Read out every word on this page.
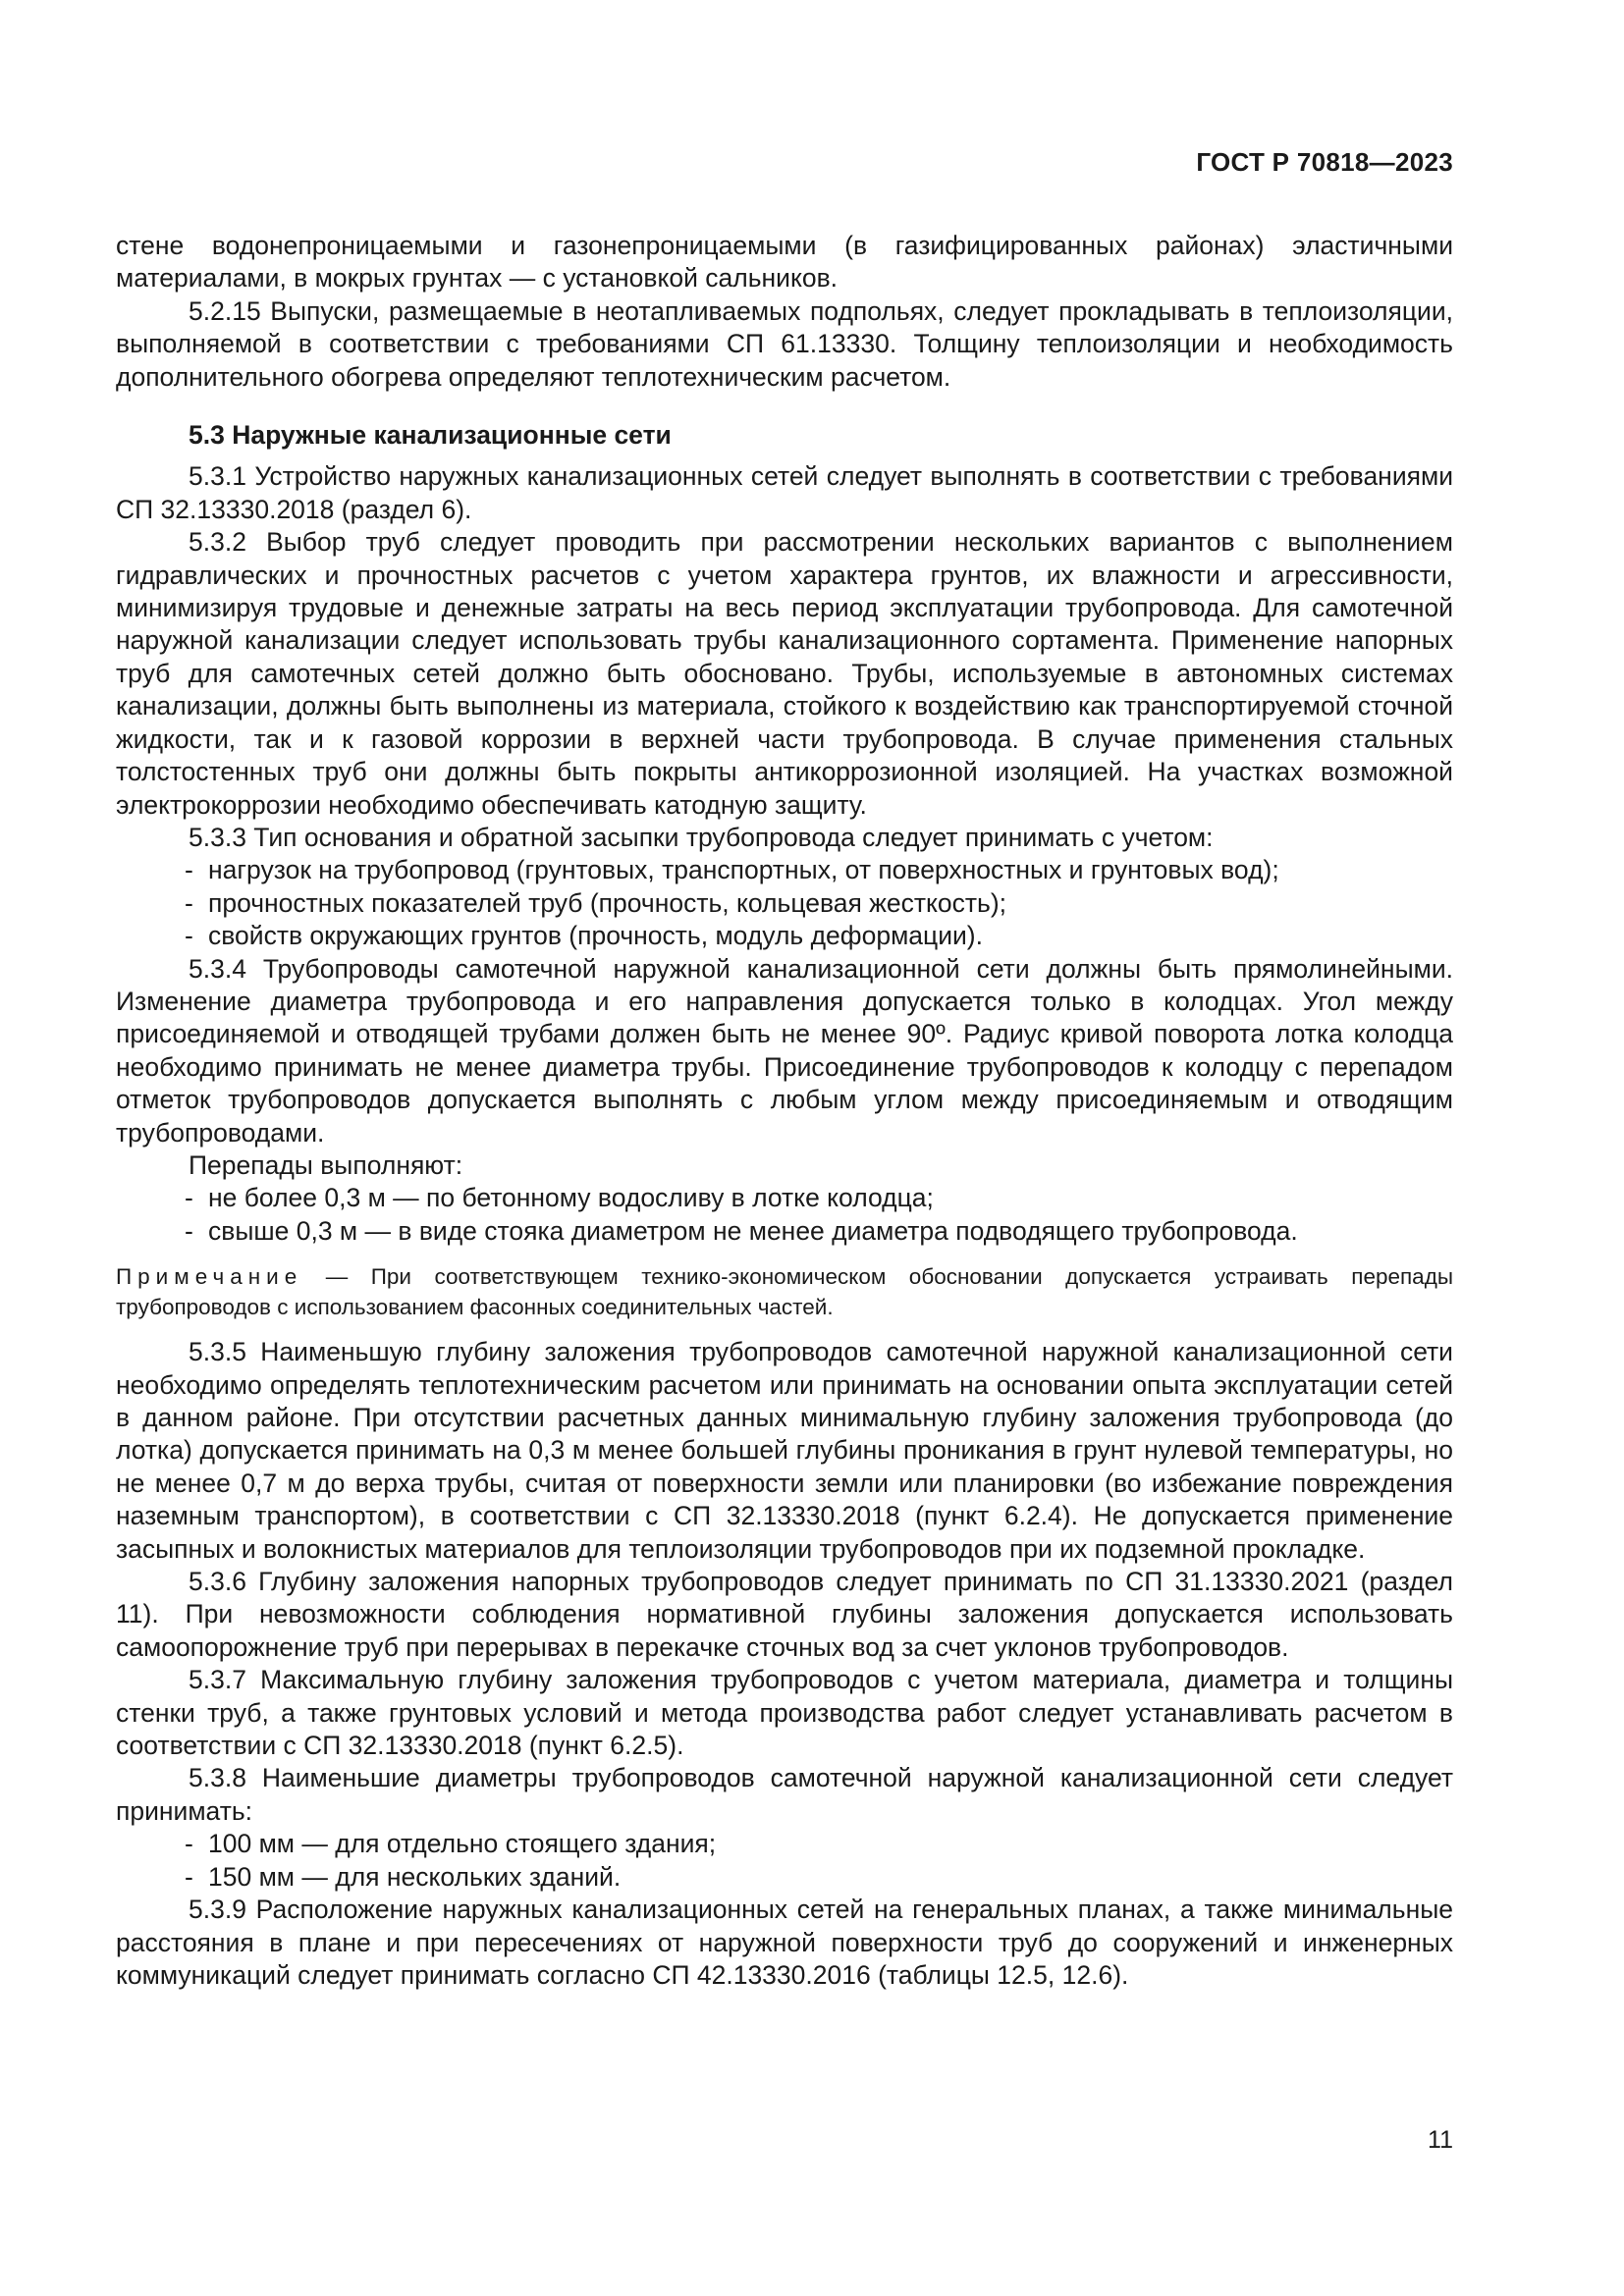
ГОСТ Р 70818—2023

стене водонепроницаемыми и газонепроницаемыми (в газифицированных районах) эластичными материалами, в мокрых грунтах — с установкой сальников.

5.2.15 Выпуски, размещаемые в неотапливаемых подпольях, следует прокладывать в теплоизоляции, выполняемой в соответствии с требованиями СП 61.13330. Толщину теплоизоляции и необходимость дополнительного обогрева определяют теплотехническим расчетом.

5.3 Наружные канализационные сети

5.3.1 Устройство наружных канализационных сетей следует выполнять в соответствии с требованиями СП 32.13330.2018 (раздел 6).

5.3.2 Выбор труб следует проводить при рассмотрении нескольких вариантов с выполнением гидравлических и прочностных расчетов с учетом характера грунтов, их влажности и агрессивности, минимизируя трудовые и денежные затраты на весь период эксплуатации трубопровода. Для самотечной наружной канализации следует использовать трубы канализационного сортамента. Применение напорных труб для самотечных сетей должно быть обосновано. Трубы, используемые в автономных системах канализации, должны быть выполнены из материала, стойкого к воздействию как транспортируемой сточной жидкости, так и к газовой коррозии в верхней части трубопровода. В случае применения стальных толстостенных труб они должны быть покрыты антикоррозионной изоляцией. На участках возможной электрокоррозии необходимо обеспечивать катодную защиту.

5.3.3 Тип основания и обратной засыпки трубопровода следует принимать с учетом:

- нагрузок на трубопровод (грунтовых, транспортных, от поверхностных и грунтовых вод);

- прочностных показателей труб (прочность, кольцевая жесткость);

- свойств окружающих грунтов (прочность, модуль деформации).

5.3.4 Трубопроводы самотечной наружной канализационной сети должны быть прямолинейными. Изменение диаметра трубопровода и его направления допускается только в колодцах. Угол между присоединяемой и отводящей трубами должен быть не менее 90º. Радиус кривой поворота лотка колодца необходимо принимать не менее диаметра трубы. Присоединение трубопроводов к колодцу с перепадом отметок трубопроводов допускается выполнять с любым углом между присоединяемым и отводящим трубопроводами.

Перепады выполняют:

- не более 0,3 м — по бетонному водосливу в лотке колодца;

- свыше 0,3 м — в виде стояка диаметром не менее диаметра подводящего трубопровода.

Примечание — При соответствующем технико-экономическом обосновании допускается устраивать перепады трубопроводов с использованием фасонных соединительных частей.

5.3.5 Наименьшую глубину заложения трубопроводов самотечной наружной канализационной сети необходимо определять теплотехническим расчетом или принимать на основании опыта эксплуатации сетей в данном районе. При отсутствии расчетных данных минимальную глубину заложения трубопровода (до лотка) допускается принимать на 0,3 м менее большей глубины проникания в грунт нулевой температуры, но не менее 0,7 м до верха трубы, считая от поверхности земли или планировки (во избежание повреждения наземным транспортом), в соответствии с СП 32.13330.2018 (пункт 6.2.4). Не допускается применение засыпных и волокнистых материалов для теплоизоляции трубопроводов при их подземной прокладке.

5.3.6 Глубину заложения напорных трубопроводов следует принимать по СП 31.13330.2021 (раздел 11). При невозможности соблюдения нормативной глубины заложения допускается использовать самоопорожнение труб при перерывах в перекачке сточных вод за счет уклонов трубопроводов.

5.3.7 Максимальную глубину заложения трубопроводов с учетом материала, диаметра и толщины стенки труб, а также грунтовых условий и метода производства работ следует устанавливать расчетом в соответствии с СП 32.13330.2018 (пункт 6.2.5).

5.3.8 Наименьшие диаметры трубопроводов самотечной наружной канализационной сети следует принимать:

- 100 мм — для отдельно стоящего здания;

- 150 мм — для нескольких зданий.

5.3.9 Расположение наружных канализационных сетей на генеральных планах, а также минимальные расстояния в плане и при пересечениях от наружной поверхности труб до сооружений и инженерных коммуникаций следует принимать согласно СП 42.13330.2016 (таблицы 12.5, 12.6).

11
